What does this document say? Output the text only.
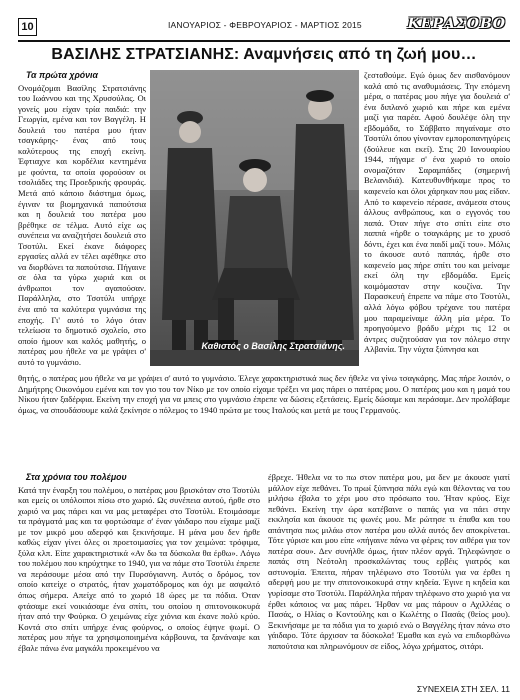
10	ΙΑΝΟΥΑΡΙΟΣ - ΦΕΒΡΟΥΑΡΙΟΣ - ΜΑΡΤΙΟΣ 2015	ΚΕΡΑΣΟΒΟ
ΒΑΣΙΛΗΣ ΣΤΡΑΤΣΙΑΝΗΣ: Αναμνήσεις από τη ζωή μου…

Τα πρώτα χρόνια

Ονομάζομαι Βασίλης Στρατσιάνης του Ιωάννου και της Χρυσούλας. Οι γονείς μου είχαν τρία παιδιά: την Γεωργία, εμένα και τον Βαγγέλη. Η δουλειά του πατέρα μου ήταν τσαγκάρης- ένας από τους καλύτερους της εποχή εκείνη. Έφτιαχνε και κορδέλια κεντημένα με φούντα, τα οποία φορούσαν οι τσολιάδες της Προεδρικής φρουράς. Μετά από κάποιο διάστημα όμως, έγιναν τα βιομηχανικά παπούτσια και η δουλειά του πατέρα μου βρέθηκε σε τέλμα. Αυτό είχε ως συνέπεια να αναζητήσει δουλειά στο Τσοτύλι. Εκεί έκανε διάφορες εργασίες αλλά εν τέλει αφέθηκε στο να διορθώνει τα παπούτσια. Πήγαινε σε όλα τα γύρω χωριά και οι άνθρωποι τον αγαπούσαν. Παράλληλα, στο Τσοτύλι υπήρχε ένα από τα καλύτερα γυμνάσια της εποχής. Γι' αυτό το λόγο όταν τελείωσα το δημοτικό σχολείο, στο οποίο ήμουν και καλός μαθητής, ο πατέρας μου ήθελε να με γράψει σ' αυτό το γυμνάσιο.

Καθιστός ο Βασίλης Στρατσιάνης.

ζεσταθούμε. Εγώ όμως δεν αισθανόμουν καλά από τις αναθυμιάσεις. Την επόμενη μέρα, ο πατέρας μου πήγε για δουλειά σ' ένα διπλανό χωριό και πήρε και εμένα μαζί για παρέα. Αφού δουλέψε όλη την εβδομάδα, το Σάββατο πηγαίναμε στο Τσοτύλι όπου γίνονταν εμποροπανηγύρεις (δούλευε και εκεί). Στις 20 Ιανουαρίου 1944, πήγαμε σ' ένα χωριό το οποίο ονομαζόταν Σαραμπάδες (σημερινή Βελανιδιά). Κατευθυνθήκαμε προς το καφενείο και όλοι χάρηκαν που μας είδαν. Από το καφενείο πέρασε, ανάμεσα στους άλλους ανθρώπους, και ο εγγονός του παπά. Όταν πήγε στο σπίτι είπε στο παππά «ήρθε ο τσαγκάρης με το χρυσό δόντι, έχει και ένα παιδί μαζί του». Μόλις το άκουσε αυτό παππάς, ήρθε στο καφενείο μας πήρε σπίτι του και μείναμε εκεί όλη την εβδομάδα. Εμείς κοιμόμασταν στην κουζίνα. Την Παρασκευή έπρεπε να πάμε στο Τσοτύλι, αλλά λόγω φόβου τρέχανε του πατέρα μου παραμείναμε άλλη μία μέρα. Το προηγούμενο βράδυ μέχρι τις 12 οι άντρες συζητούσαν για τον πόλεμο στην Αλβανία. Την νύχτα ξύπνησα και

θητής, ο πατέρας μου ήθελε να με γράψει σ' αυτό το γυμνάσιο. Έλεγε χαρακτηριστικά πως δεν ήθελε να γίνω τσαγκάρης. Μας πήρε λοιπόν, ο Δημήτρης Οικονόμου εμένα και τον γιο του τον Νίκο με τον οποίο είχαμε τρέξει να μας πάρει ο πατέρας μου. Ο πατέρας μου και η μαμά του Νίκου ήταν ξαδέρφια. Εκείνη την εποχή για να μπεις στο γυμνάσιο έπρεπε να δώσεις εξετάσεις. Εμείς δώσαμε και περάσαμε. Δεν προλάβαμε όμως, να σπουδάσουμε καλά ξεκίνησε ο πόλεμος το 1940 πρώτα με τους Ιταλούς και μετά με τους Γερμανούς.

Στα χρόνια του πολέμου

Κατά την έναρξη του πολέμου, ο πατέρας μου βρισκόταν στο Τσοτύλι και εμείς οι υπόλοιποι πίσω στο χωριό. Ως συνέπεια αυτού, ήρθε στο χωριό να μας πάρει και να μας μεταφέρει στο Τσοτύλι. Ετοιμάσαμε τα πράγματά μας και τα φορτώσαμε σ' έναν γάιδαρο που είχαμε μαζί με τον μικρό μου αδερφό και ξεκινήσαμε. Η μάνα μου δεν ήρθε καθώς είχαν γίνει όλες οι προετοιμασίες για τον χειμώνα: τρόφιμα, ξύλα κλπ. Είπε χαρακτηριστικά «Αν δω τα δύσκολα θα έρθω». Λόγω του πολέμου που κηρύχτηκε το 1940, για να πάμε στο Τσοτύλι έπρεπε να περάσουμε μέσα από την Πυρσόγιαννη. Αυτός ο δρόμος, τον οποίο κατείχε ο στρατός, ήταν χωματόδρομος και όχι με ασφαλτό όπως σήμερα. Απείχε από το χωριό 18 ώρες με τα πόδια. Όταν φτάσαμε εκεί νοικιάσαμε ένα σπίτι, του οποίου η σπιτονοικοκυρά ήταν από την Φούρκα. Ο χειμώνας είχε χιόνια και έκανε πολύ κρύο. Κοντά στο σπίτι υπήρχε ένας φούρνος, ο οποίος έψηνε ψωμί. Ο πατέρας μου πήγε τα χρησιμοποιημένα κάρβουνα, τα ξανάναψε και έβαλε πάνω ένα μαγκάλι προκειμένου να

έβρεχε. Ήθελα να το πω στον πατέρα μου, μα δεν με άκουσε γιατί μάλλον είχε πεθάνει. Το πρωί ξύπνησα πάλι εγώ και θέλοντας να του μιλήσω έβαλα το χέρι μου στο πρόσωπο του. Ήταν κρύος. Είχε πεθάνει. Εκείνη την ώρα κατέβαινε ο παπάς για να πάει στην εκκλησία και άκουσε τις φωνές μου. Με ρώτησε τι έπαθα και του απάντησα πως μιλάω στον πατέρα μου αλλά αυτός δεν αποκρίνεται. Τότε γύρισε και μου είπε «πήγαινε πάνω να φέρεις τον αιθέρα για τον πατέρα σου». Δεν συνήλθε όμως, ήταν πλέον αργά. Τηλεφώνησε ο παπάς στη Νεότολη προσκαλώντας τους ερβέις γιατρός και αστυνομία. Έπειτα, πήραν τηλέφωνο στο Τσοτύλι για να έρθει η αδερφή μου με την σπιτονοικοκυρά στην κηδεία. Έγινε η κηδεία και γυρίσαμε στο Τσοτύλι. Παράλληλα πήραν τηλέφωνο στο χωριό για να έρθει κάποιος να μας πάρει. Ήρθαν να μας πάρουν ο Αχιλλέας ο Πασάς, ο Ηλίας ο Κοντούλης και ο Κωλέτης ο Πασάς (θείος μου). Ξεκινήσαμε με τα πόδια για το χωριό ενώ ο Βαγγέλης ήταν πάνω στο γάιδαρο. Τότε άρχισαν τα δύσκολα! Έμαθα και εγώ να επιδιορθώνω παπούτσια και πληρωνόμουν σε είδος, λόγω χρήματος, σιτάρι.

ΣΥΝΕΧΕΙΑ ΣΤΗ ΣΕΛ. 11
